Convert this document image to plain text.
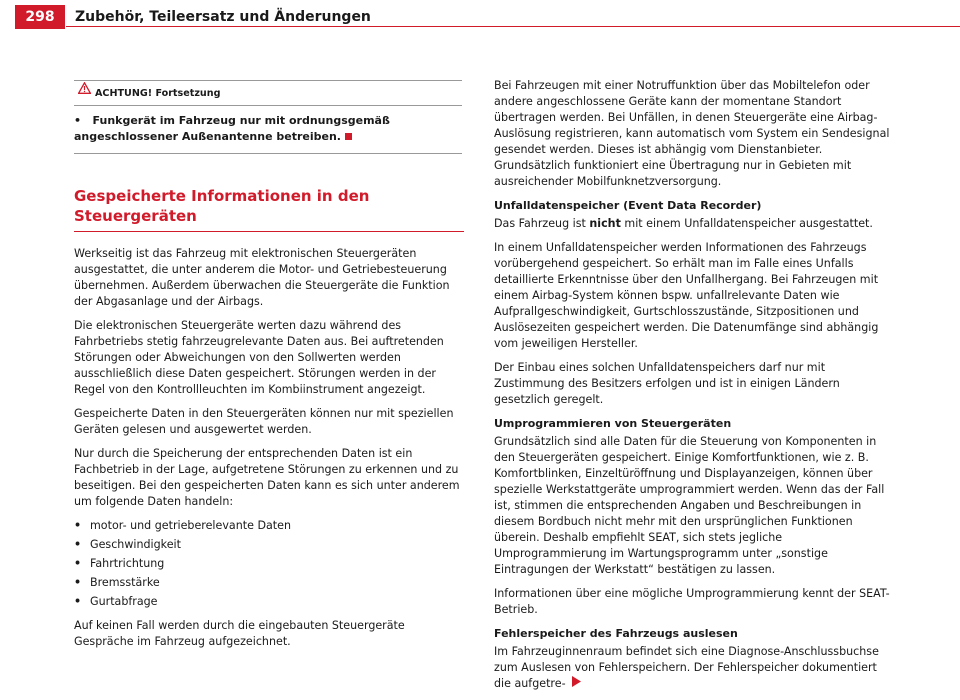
298	Zubehör, Teileersatz und Änderungen
ACHTUNG! Fortsetzung
• Funkgerät im Fahrzeug nur mit ordnungsgemäß angeschlossener Außenantenne betreiben.
Gespeicherte Informationen in den Steuergeräten

Werkseitig ist das Fahrzeug mit elektronischen Steuergeräten ausgestattet, die unter anderem die Motor- und Getriebesteuerung übernehmen. Außerdem überwachen die Steuergeräte die Funktion der Abgasanlage und der Airbags.

Die elektronischen Steuergeräte werten dazu während des Fahrbetriebs stetig fahrzeugrelevante Daten aus. Bei auftretenden Störungen oder Abweichungen von den Sollwerten werden ausschließlich diese Daten gespeichert. Störungen werden in der Regel von den Kontrollleuchten im Kombiinstrument angezeigt.

Gespeicherte Daten in den Steuergeräten können nur mit speziellen Geräten gelesen und ausgewertet werden.

Nur durch die Speicherung der entsprechenden Daten ist ein Fachbetrieb in der Lage, aufgetretene Störungen zu erkennen und zu beseitigen. Bei den gespeicherten Daten kann es sich unter anderem um folgende Daten handeln:

• motor- und getrieberelevante Daten
• Geschwindigkeit
• Fahrtrichtung
• Bremsstärke
• Gurtabfrage

Auf keinen Fall werden durch die eingebauten Steuergeräte Gespräche im Fahrzeug aufgezeichnet.

Bei Fahrzeugen mit einer Notruffunktion über das Mobiltelefon oder andere angeschlossene Geräte kann der momentane Standort übertragen werden. Bei Unfällen, in denen Steuergeräte eine Airbag-Auslösung registrieren, kann automatisch vom System ein Sendesignal gesendet werden. Dieses ist abhängig vom Dienstanbieter. Grundsätzlich funktioniert eine Übertragung nur in Gebieten mit ausreichender Mobilfunknetzversorgung.

Unfalldatenspeicher (Event Data Recorder)

Das Fahrzeug ist nicht mit einem Unfalldatenspeicher ausgestattet.

In einem Unfalldatenspeicher werden Informationen des Fahrzeugs vorübergehend gespeichert. So erhält man im Falle eines Unfalls detaillierte Erkenntnisse über den Unfallhergang. Bei Fahrzeugen mit einem Airbag-System können bspw. unfallrelevante Daten wie Aufprallgeschwindigkeit, Gurtschlosszustände, Sitzpositionen und Auslösezeiten gespeichert werden. Die Datenumfänge sind abhängig vom jeweiligen Hersteller.

Der Einbau eines solchen Unfalldatenspeichers darf nur mit Zustimmung des Besitzers erfolgen und ist in einigen Ländern gesetzlich geregelt.

Umprogrammieren von Steuergeräten

Grundsätzlich sind alle Daten für die Steuerung von Komponenten in den Steuergeräten gespeichert. Einige Komfortfunktionen, wie z. B. Komfortblinken, Einzeltüröffnung und Displayanzeigen, können über spezielle Werkstattgeräte umprogrammiert werden. Wenn das der Fall ist, stimmen die entsprechenden Angaben und Beschreibungen in diesem Bordbuch nicht mehr mit den ursprünglichen Funktionen überein. Deshalb empfiehlt SEAT, sich stets jegliche Umprogrammierung im Wartungsprogramm unter „sonstige Eintragungen der Werkstatt“ bestätigen zu lassen.

Informationen über eine mögliche Umprogrammierung kennt der SEAT-Betrieb.

Fehlerspeicher des Fahrzeugs auslesen

Im Fahrzeuginnenraum befindet sich eine Diagnose-Anschlussbuchse zum Auslesen von Fehlerspeichern. Der Fehlerspeicher dokumentiert die aufgetre-
